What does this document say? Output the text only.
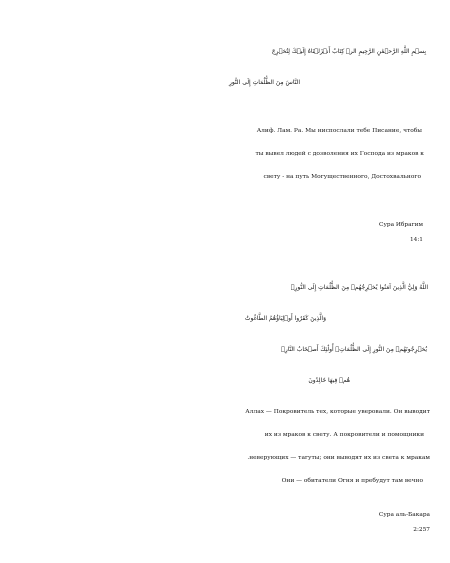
بِسۡمِ اللَّهِ الرَّحۡمَٰنِ الرَّحِيمِ الرۚ كِتَابٌ أَنۡزَلۡنَاهُ إِلَيۡكَ لِتُخۡرِجَ

النَّاسَ مِنَ الظُّلُمَاتِ إِلَى النُّورِ

Алиф. Лам. Ра. Мы ниспослали тебе Писание, чтобы

ты вывел людей с дозволения их Господа из мраков к

свету - на путь Могущественного, Достохвального

Сура Ибрагим

14:1

اللَّهُ وَلِيُّ الَّذِينَ آمَنُوا يُخۡرِجُهُمۡ مِنَ الظُّلُمَاتِ إِلَى النُّورِۖ

وَالَّذِينَ كَفَرُوا أَوۡلِيَاؤُهُمُ الطَّاغُوتُ

يُخۡرِجُونَهُمۡ مِنَ النُّورِ إِلَى الظُّلُمَاتِۗ أُولَٰئِكَ أَصۡحَابُ النَّارِۖ

هُمۡ فِيهَا خَالِدُونَ

Аллах — Покровитель тех, которые уверовали. Он выводит

их из мраков к свету. А покровители и помощники

.неверующих — тагуты; они выводят их из света к мракам

Они — обитатели Огня и пребудут там вечно

Сура аль-Бакара

2:257
